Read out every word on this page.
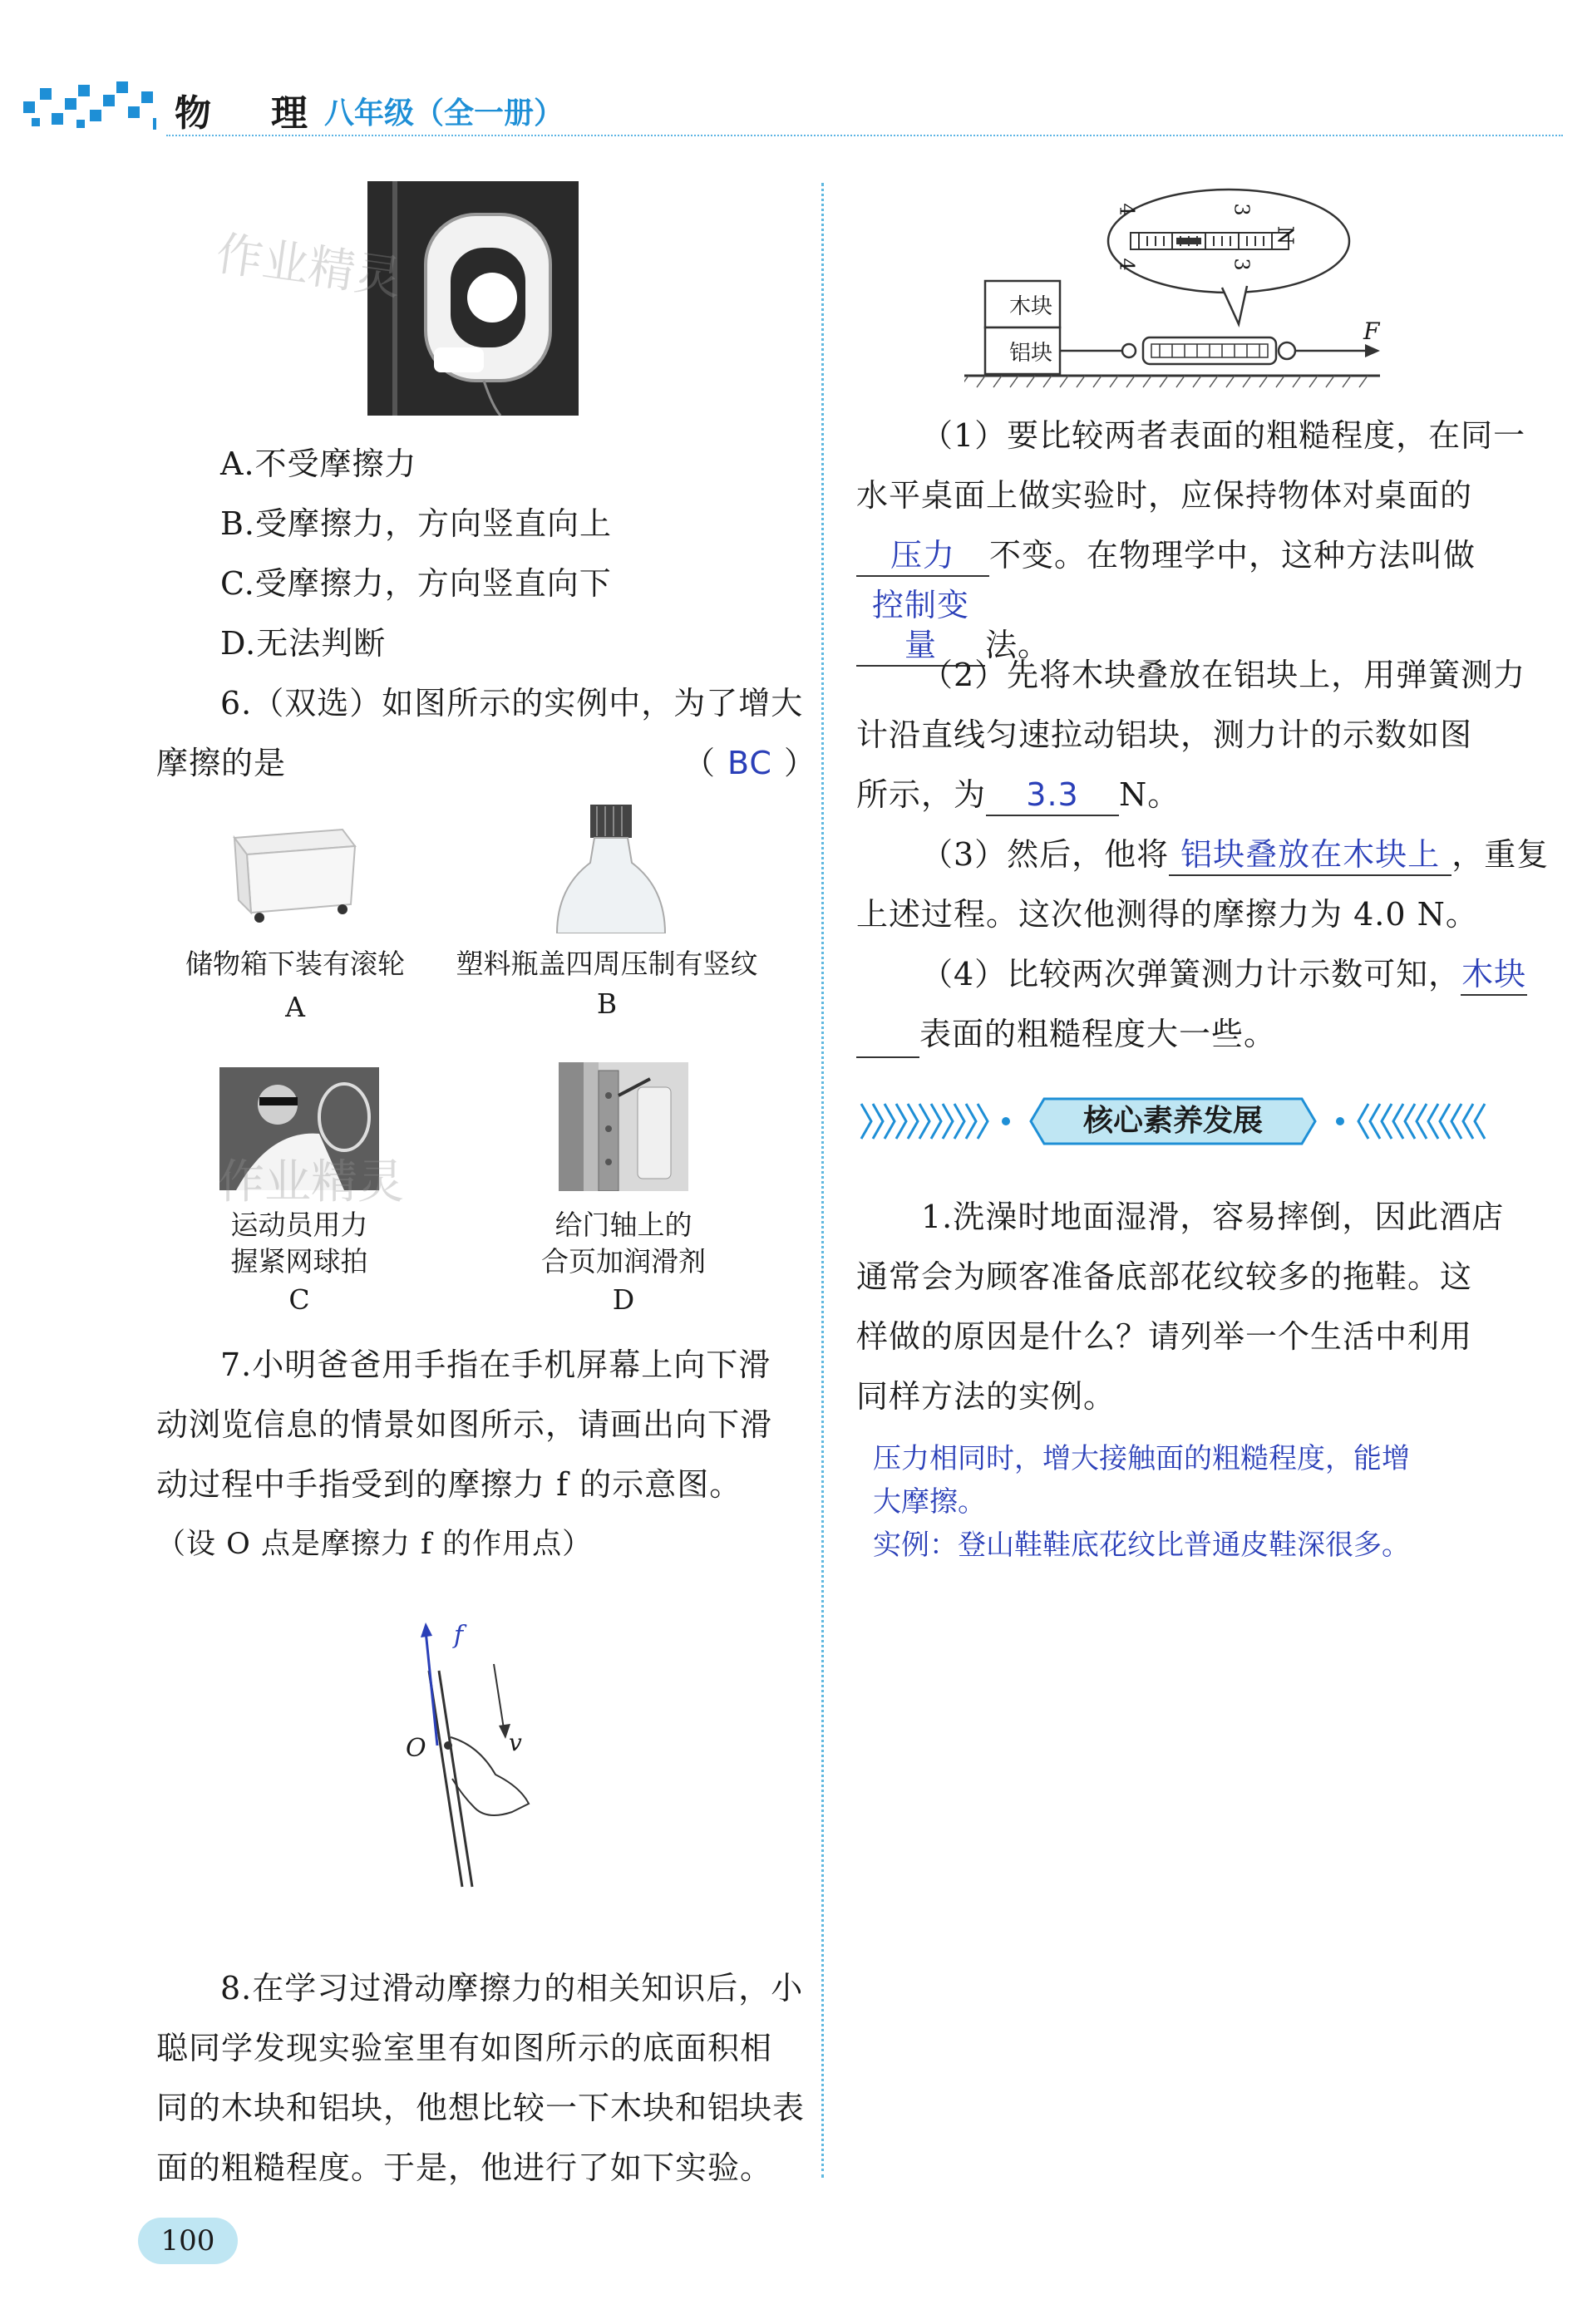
物　理 八年级（全一册）
作业精灵
A.不受摩擦力
B.受摩擦力，方向竖直向上
C.受摩擦力，方向竖直向下
D.无法判断
6.（双选）如图所示的实例中，为了增大
摩擦的是	（ BC ）
储物箱下装有滚轮
A
塑料瓶盖四周压制有竖纹
B
作业精灵
运动员用力
握紧网球拍
C
给门轴上的
合页加润滑剂
D
7.小明爸爸用手指在手机屏幕上向下滑
动浏览信息的情景如图所示，请画出向下滑
动过程中手指受到的摩擦力 f 的示意图。
（设 O 点是摩擦力 f 的作用点）
f
v
O
8.在学习过滑动摩擦力的相关知识后，小
聪同学发现实验室里有如图所示的底面积相
同的木块和铝块，他想比较一下木块和铝块表
面的粗糙程度。于是，他进行了如下实验。
100
木块
铝块
F
N
4	3
4	3
（1）要比较两者表面的粗糙程度，在同一
水平桌面上做实验时，应保持物体对桌面的
压力 不变。在物理学中，这种方法叫做
控制变量 法。
（2）先将木块叠放在铝块上，用弹簧测力
计沿直线匀速拉动铝块，测力计的示数如图
所示，为 3.3 N。
（3）然后，他将 铝块叠放在木块上 ，重复
上述过程。这次他测得的摩擦力为 4.0 N。
（4）比较两次弹簧测力计示数可知，木块
表面的粗糙程度大一些。
核心素养发展
1.洗澡时地面湿滑，容易摔倒，因此酒店
通常会为顾客准备底部花纹较多的拖鞋。这
样做的原因是什么？请列举一个生活中利用
同样方法的实例。
压力相同时，增大接触面的粗糙程度，能增
大摩擦。
实例：登山鞋鞋底花纹比普通皮鞋深很多。
